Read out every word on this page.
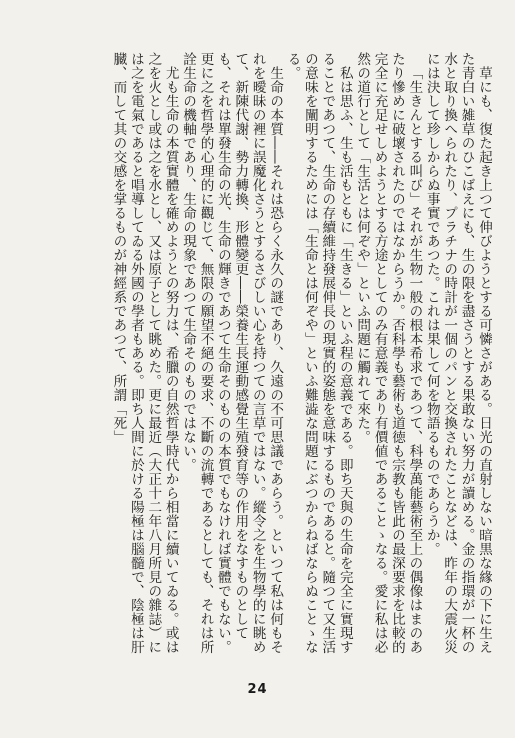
草にも、復た起き上つて伸びようとする可憐さがある。日光の直射しない暗黒な緣の下に生えた青白い雑草のひこばえにも、生の限を盡さうとする果敢ない努力が讀める。金の指環が一杯の水と取り換へられたり、プラチナの時計が一個のパンと交換されたことなどは、昨年の大震火災には決して珍しからぬ事實であつた。これは果して何を物語るものであらうか。

「生きんとする叫び」それが生物一般の根本希求であつて、科學萬能藝術至上の偶像はまのあたり慘めに破壞されたのではなからうか。否科學も藝術も道徳も宗教も皆此の最深要求を比較的完全に充足せしめようとする方途としてのみ有意義であり有價値であることゝなる。愛に私は必然の道行として「生活とは何ぞや」といふ問題に觸れて來た。

私は思ふ、生も活もともに「生きる」といふ程の意義である。即ち天與の生命を完全に實現することであつて、生命の存續維持發展伸長の現實的姿態を意味するものであると。隨つて又生活の意味を闡明するためには「生命とは何ぞや」といふ難澁な問題にぶつからねばならぬことゝなる。

生命の本質――それは恐らく永久の謎であり、久遠の不可思議であらう。といつて私は何もそれを曖昧の裡に誤魔化さうとするさびしい心を持つての言草ではない。縱令之を生物學的に眺めて、新陳代謝、勢力轉換、形體變更――榮養生長運動感覺生殖發育等の作用をなすものとしても、それは單發生命の光、生命の輝きであつて生命そのものの本質でもなければ實體でもない。更に之を哲學的心理的に觀じて、無限の願望不絕の要求、不斷の流轉であるとしても、それは所詮生命の機軸であり、生命の現象であつて生命そのものではない。

尤も生命の本質實體を確めようとの努力は、希臘の自然哲學時代から相當に續いてゐる。或は之を火とし或は之を水とし、又は原子として眺めた。更に最近（大正十二年八月所見の雜誌）には之を電氣であると唱導してゐる外國の學者もある。即ち人間に於ける陽極は腦髓で、陰極は肝臓、而して其の交感を掌るものが神經系であつて、所謂「死」

24
